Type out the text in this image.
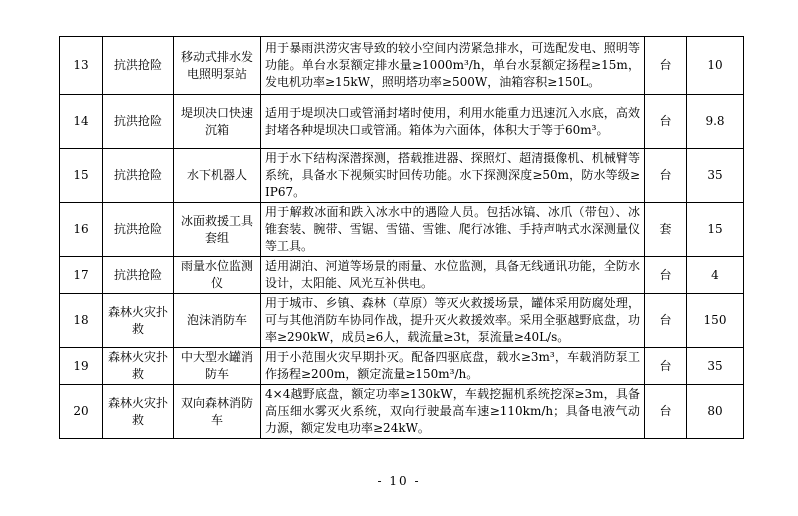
13	抗洪抢险	移动式排水发电照明泵站	用于暴雨洪涝灾害导致的较小空间内涝紧急排水，可选配发电、照明等功能。单台水泵额定排水量≥1000m³/h，单台水泵额定扬程≥15m，发电机功率≥15kW，照明塔功率≥500W，油箱容积≥150L。	台	10
14	抗洪抢险	堤坝决口快速沉箱	适用于堤坝决口或管涌封堵时使用，利用水能重力迅速沉入水底，高效封堵各种堤坝决口或管涌。箱体为六面体，体积大于等于60m³。	台	9.8
15	抗洪抢险	水下机器人	用于水下结构深潜探测，搭载推进器、探照灯、超清摄像机、机械臂等系统，具备水下视频实时回传功能。水下探测深度≥50m，防水等级≥IP67。	台	35
16	抗洪抢险	冰面救援工具套组	用于解救冰面和跌入冰水中的遇险人员。包括冰镐、冰爪（带包）、冰锥套装、腕带、雪锯、雪锚、雪锥、爬行冰锥、手持声呐式水深测量仪等工具。	套	15
17	抗洪抢险	雨量水位监测仪	适用湖泊、河道等场景的雨量、水位监测，具备无线通讯功能，全防水设计，太阳能、风光互补供电。	台	4
18	森林火灾扑救	泡沫消防车	用于城市、乡镇、森林（草原）等灭火救援场景，罐体采用防腐处理，可与其他消防车协同作战，提升灭火救援效率。采用全驱越野底盘，功率≥290kW，成员≥6人，载流量≥3t，泵流量≥40L/s。	台	150
19	森林火灾扑救	中大型水罐消防车	用于小范围火灾早期扑灭。配备四驱底盘，载水≥3m³，车载消防泵工作扬程≥200m，额定流量≥150m³/h。	台	35
20	森林火灾扑救	双向森林消防车	4×4越野底盘，额定功率≥130kW，车载挖掘机系统挖深≥3m，具备高压细水雾灭火系统，双向行驶最高车速≥110km/h；具备电液气动力源，额定发电功率≥24kW。	台	80
- 10 -
